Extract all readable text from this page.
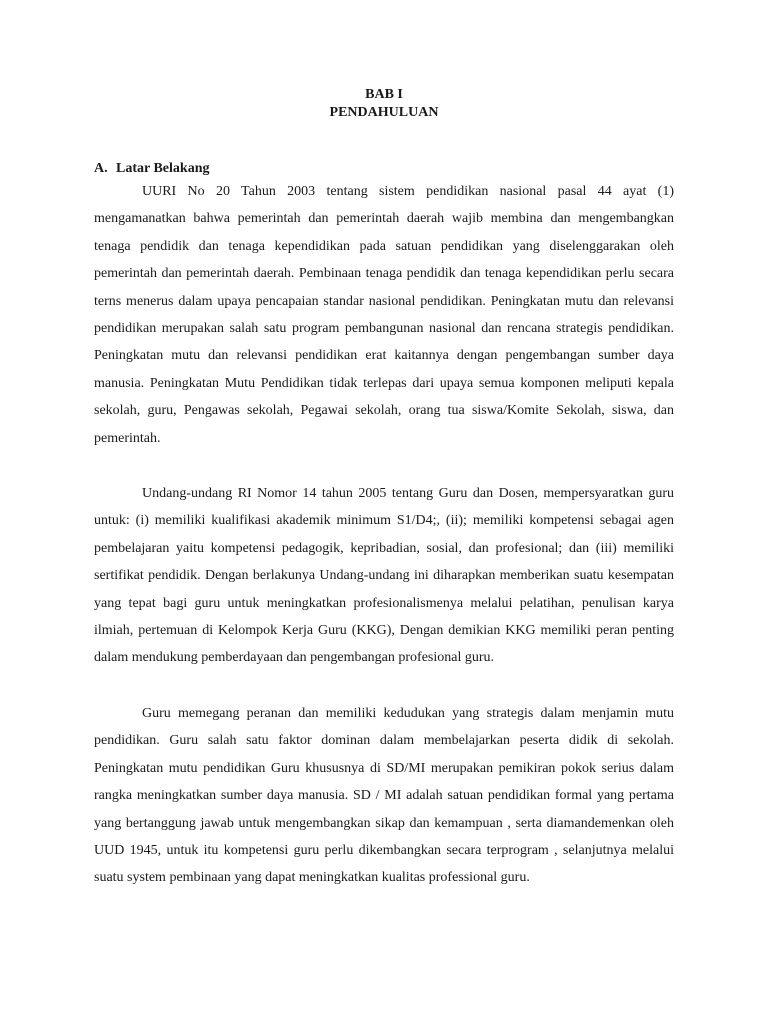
BAB I
PENDAHULUAN
A. Latar Belakang

UURI No 20 Tahun 2003 tentang sistem pendidikan nasional pasal 44 ayat (1) mengamanatkan bahwa pemerintah dan pemerintah daerah wajib membina dan mengembangkan tenaga pendidik dan tenaga kependidikan pada satuan pendidikan yang diselenggarakan oleh pemerintah dan pemerintah daerah. Pembinaan tenaga pendidik dan tenaga kependidikan perlu secara terns menerus dalam upaya pencapaian standar nasional pendidikan. Peningkatan mutu dan relevansi pendidikan merupakan salah satu program pembangunan nasional dan rencana strategis pendidikan. Peningkatan mutu dan relevansi pendidikan erat kaitannya dengan pengembangan sumber daya manusia. Peningkatan Mutu Pendidikan tidak terlepas dari upaya semua komponen meliputi kepala sekolah, guru, Pengawas sekolah, Pegawai sekolah, orang tua siswa/Komite Sekolah, siswa, dan pemerintah.

Undang-undang RI Nomor 14 tahun 2005 tentang Guru dan Dosen, mempersyaratkan guru untuk: (i) memiliki kualifikasi akademik minimum S1/D4;, (ii); memiliki kompetensi sebagai agen pembelajaran yaitu kompetensi pedagogik, kepribadian, sosial, dan profesional; dan (iii) memiliki sertifikat pendidik. Dengan berlakunya Undang-undang ini diharapkan memberikan suatu kesempatan yang tepat bagi guru untuk meningkatkan profesionalismenya melalui pelatihan, penulisan karya ilmiah, pertemuan di Kelompok Kerja Guru (KKG), Dengan demikian KKG memiliki peran penting dalam mendukung pemberdayaan dan pengembangan profesional guru.

Guru memegang peranan dan memiliki kedudukan yang strategis dalam menjamin mutu pendidikan. Guru salah satu faktor dominan dalam membelajarkan peserta didik di sekolah. Peningkatan mutu pendidikan Guru khususnya di SD/MI merupakan pemikiran pokok serius dalam rangka meningkatkan sumber daya manusia. SD / MI adalah satuan pendidikan formal yang pertama yang bertanggung jawab untuk mengembangkan sikap dan kemampuan , serta diamandemenkan oleh UUD 1945, untuk itu kompetensi guru perlu dikembangkan secara terprogram , selanjutnya melalui suatu system pembinaan yang dapat meningkatkan kualitas professional guru.
